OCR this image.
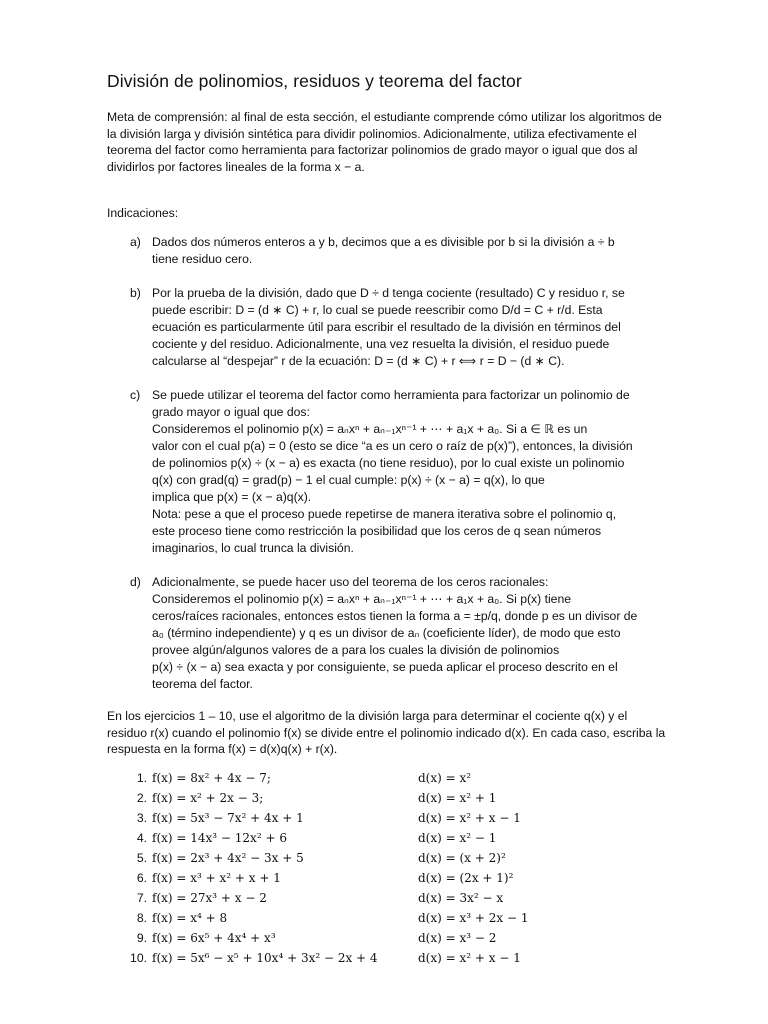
División de polinomios, residuos y teorema del factor

Meta de comprensión: al final de esta sección, el estudiante comprende cómo utilizar los algoritmos de la división larga y división sintética para dividir polinomios. Adicionalmente, utiliza efectivamente el teorema del factor como herramienta para factorizar polinomios de grado mayor o igual que dos al dividirlos por factores lineales de la forma x − a.

Indicaciones:

a) Dados dos números enteros a y b, decimos que a es divisible por b si la división a ÷ b
tiene residuo cero.
b) Por la prueba de la división, dado que D ÷ d tenga cociente (resultado) C y residuo r, se
puede escribir: D = (d ∗ C) + r, lo cual se puede reescribir como D/d = C + r/d. Esta
ecuación es particularmente útil para escribir el resultado de la división en términos del
cociente y del residuo. Adicionalmente, una vez resuelta la división, el residuo puede
calcularse al “despejar” r de la ecuación: D = (d ∗ C) + r ⟺ r = D − (d ∗ C).
c) Se puede utilizar el teorema del factor como herramienta para factorizar un polinomio de
grado mayor o igual que dos:
Consideremos el polinomio p(x) = aₙxⁿ + aₙ₋₁xⁿ⁻¹ + ⋯ + a₁x + a₀. Si a ∈ ℝ es un
valor con el cual p(a) = 0 (esto se dice “a es un cero o raíz de p(x)”), entonces, la división
de polinomios p(x) ÷ (x − a) es exacta (no tiene residuo), por lo cual existe un polinomio
q(x) con grad(q) = grad(p) − 1 el cual cumple: p(x) ÷ (x − a) = q(x), lo que
implica que p(x) = (x − a)q(x).
Nota: pese a que el proceso puede repetirse de manera iterativa sobre el polinomio q,
este proceso tiene como restricción la posibilidad que los ceros de q sean números
imaginarios, lo cual trunca la división.
d) Adicionalmente, se puede hacer uso del teorema de los ceros racionales:
Consideremos el polinomio p(x) = aₙxⁿ + aₙ₋₁xⁿ⁻¹ + ⋯ + a₁x + a₀. Si p(x) tiene
ceros/raíces racionales, entonces estos tienen la forma a = ±p/q, donde p es un divisor de
a₀ (término independiente) y q es un divisor de aₙ (coeficiente líder), de modo que esto
provee algún/algunos valores de a para los cuales la división de polinomios
p(x) ÷ (x − a) sea exacta y por consiguiente, se pueda aplicar el proceso descrito en el
teorema del factor.

En los ejercicios 1 – 10, use el algoritmo de la división larga para determinar el cociente q(x) y el residuo r(x) cuando el polinomio f(x) se divide entre el polinomio indicado d(x). En cada caso, escriba la respuesta en la forma f(x) = d(x)q(x) + r(x).

1. f(x) = 8x² + 4x − 7;	d(x) = x²
2. f(x) = x² + 2x − 3;	d(x) = x² + 1
3. f(x) = 5x³ − 7x² + 4x + 1	d(x) = x² + x − 1
4. f(x) = 14x³ − 12x² + 6	d(x) = x² − 1
5. f(x) = 2x³ + 4x² − 3x + 5	d(x) = (x + 2)²
6. f(x) = x³ + x² + x + 1	d(x) = (2x + 1)²
7. f(x) = 27x³ + x − 2	d(x) = 3x² − x
8. f(x) = x⁴ + 8	d(x) = x³ + 2x − 1
9. f(x) = 6x⁵ + 4x⁴ + x³	d(x) = x³ − 2
10. f(x) = 5x⁶ − x⁵ + 10x⁴ + 3x² − 2x + 4	d(x) = x² + x − 1
